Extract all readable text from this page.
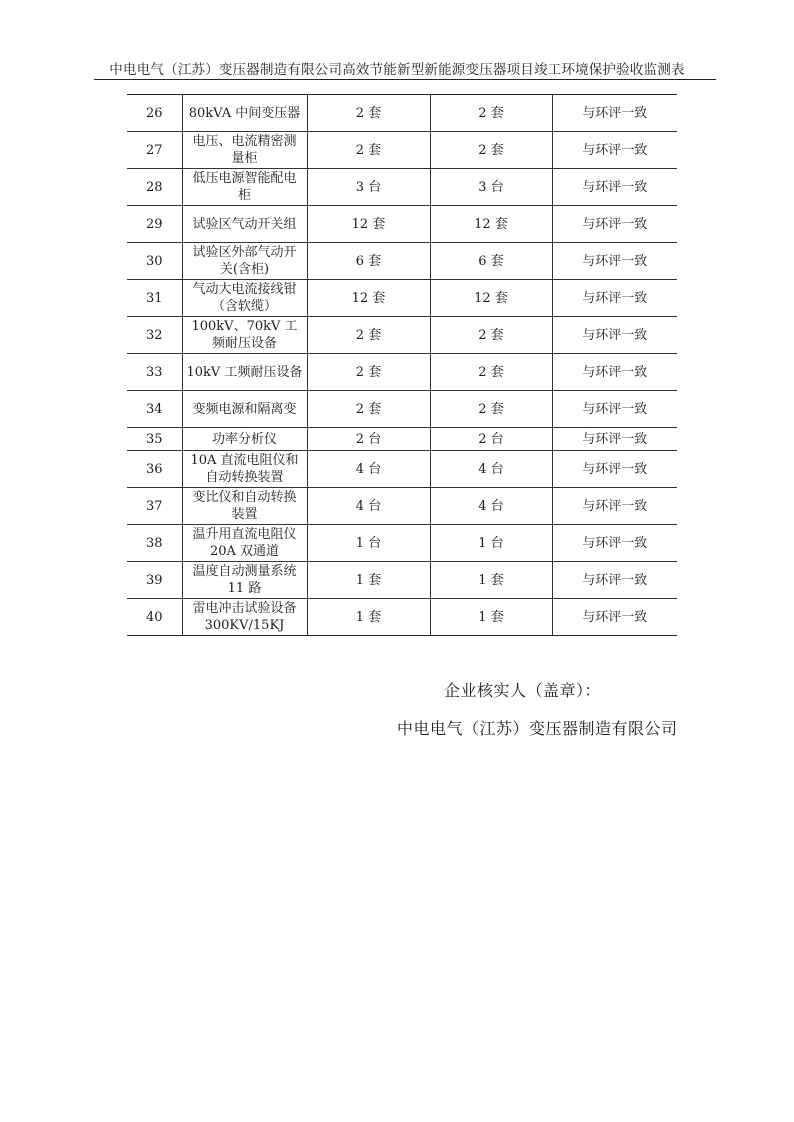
中电电气（江苏）变压器制造有限公司高效节能新型新能源变压器项目竣工环境保护验收监测表
26	80kVA 中间变压器	2 套	2 套	与环评一致
27	电压、电流精密测量柜	2 套	2 套	与环评一致
28	低压电源智能配电柜	3 台	3 台	与环评一致
29	试验区气动开关组	12 套	12 套	与环评一致
30	试验区外部气动开关(含柜)	6 套	6 套	与环评一致
31	气动大电流接线钳（含软缆）	12 套	12 套	与环评一致
32	100kV、70kV 工频耐压设备	2 套	2 套	与环评一致
33	10kV 工频耐压设备	2 套	2 套	与环评一致
34	变频电源和隔离变	2 套	2 套	与环评一致
35	功率分析仪	2 台	2 台	与环评一致
36	10A 直流电阻仪和自动转换装置	4 台	4 台	与环评一致
37	变比仪和自动转换装置	4 台	4 台	与环评一致
38	温升用直流电阻仪 20A 双通道	1 台	1 台	与环评一致
39	温度自动测量系统 11 路	1 套	1 套	与环评一致
40	雷电冲击试验设备 300KV/15KJ	1 套	1 套	与环评一致
企业核实人（盖章）：
中电电气（江苏）变压器制造有限公司
